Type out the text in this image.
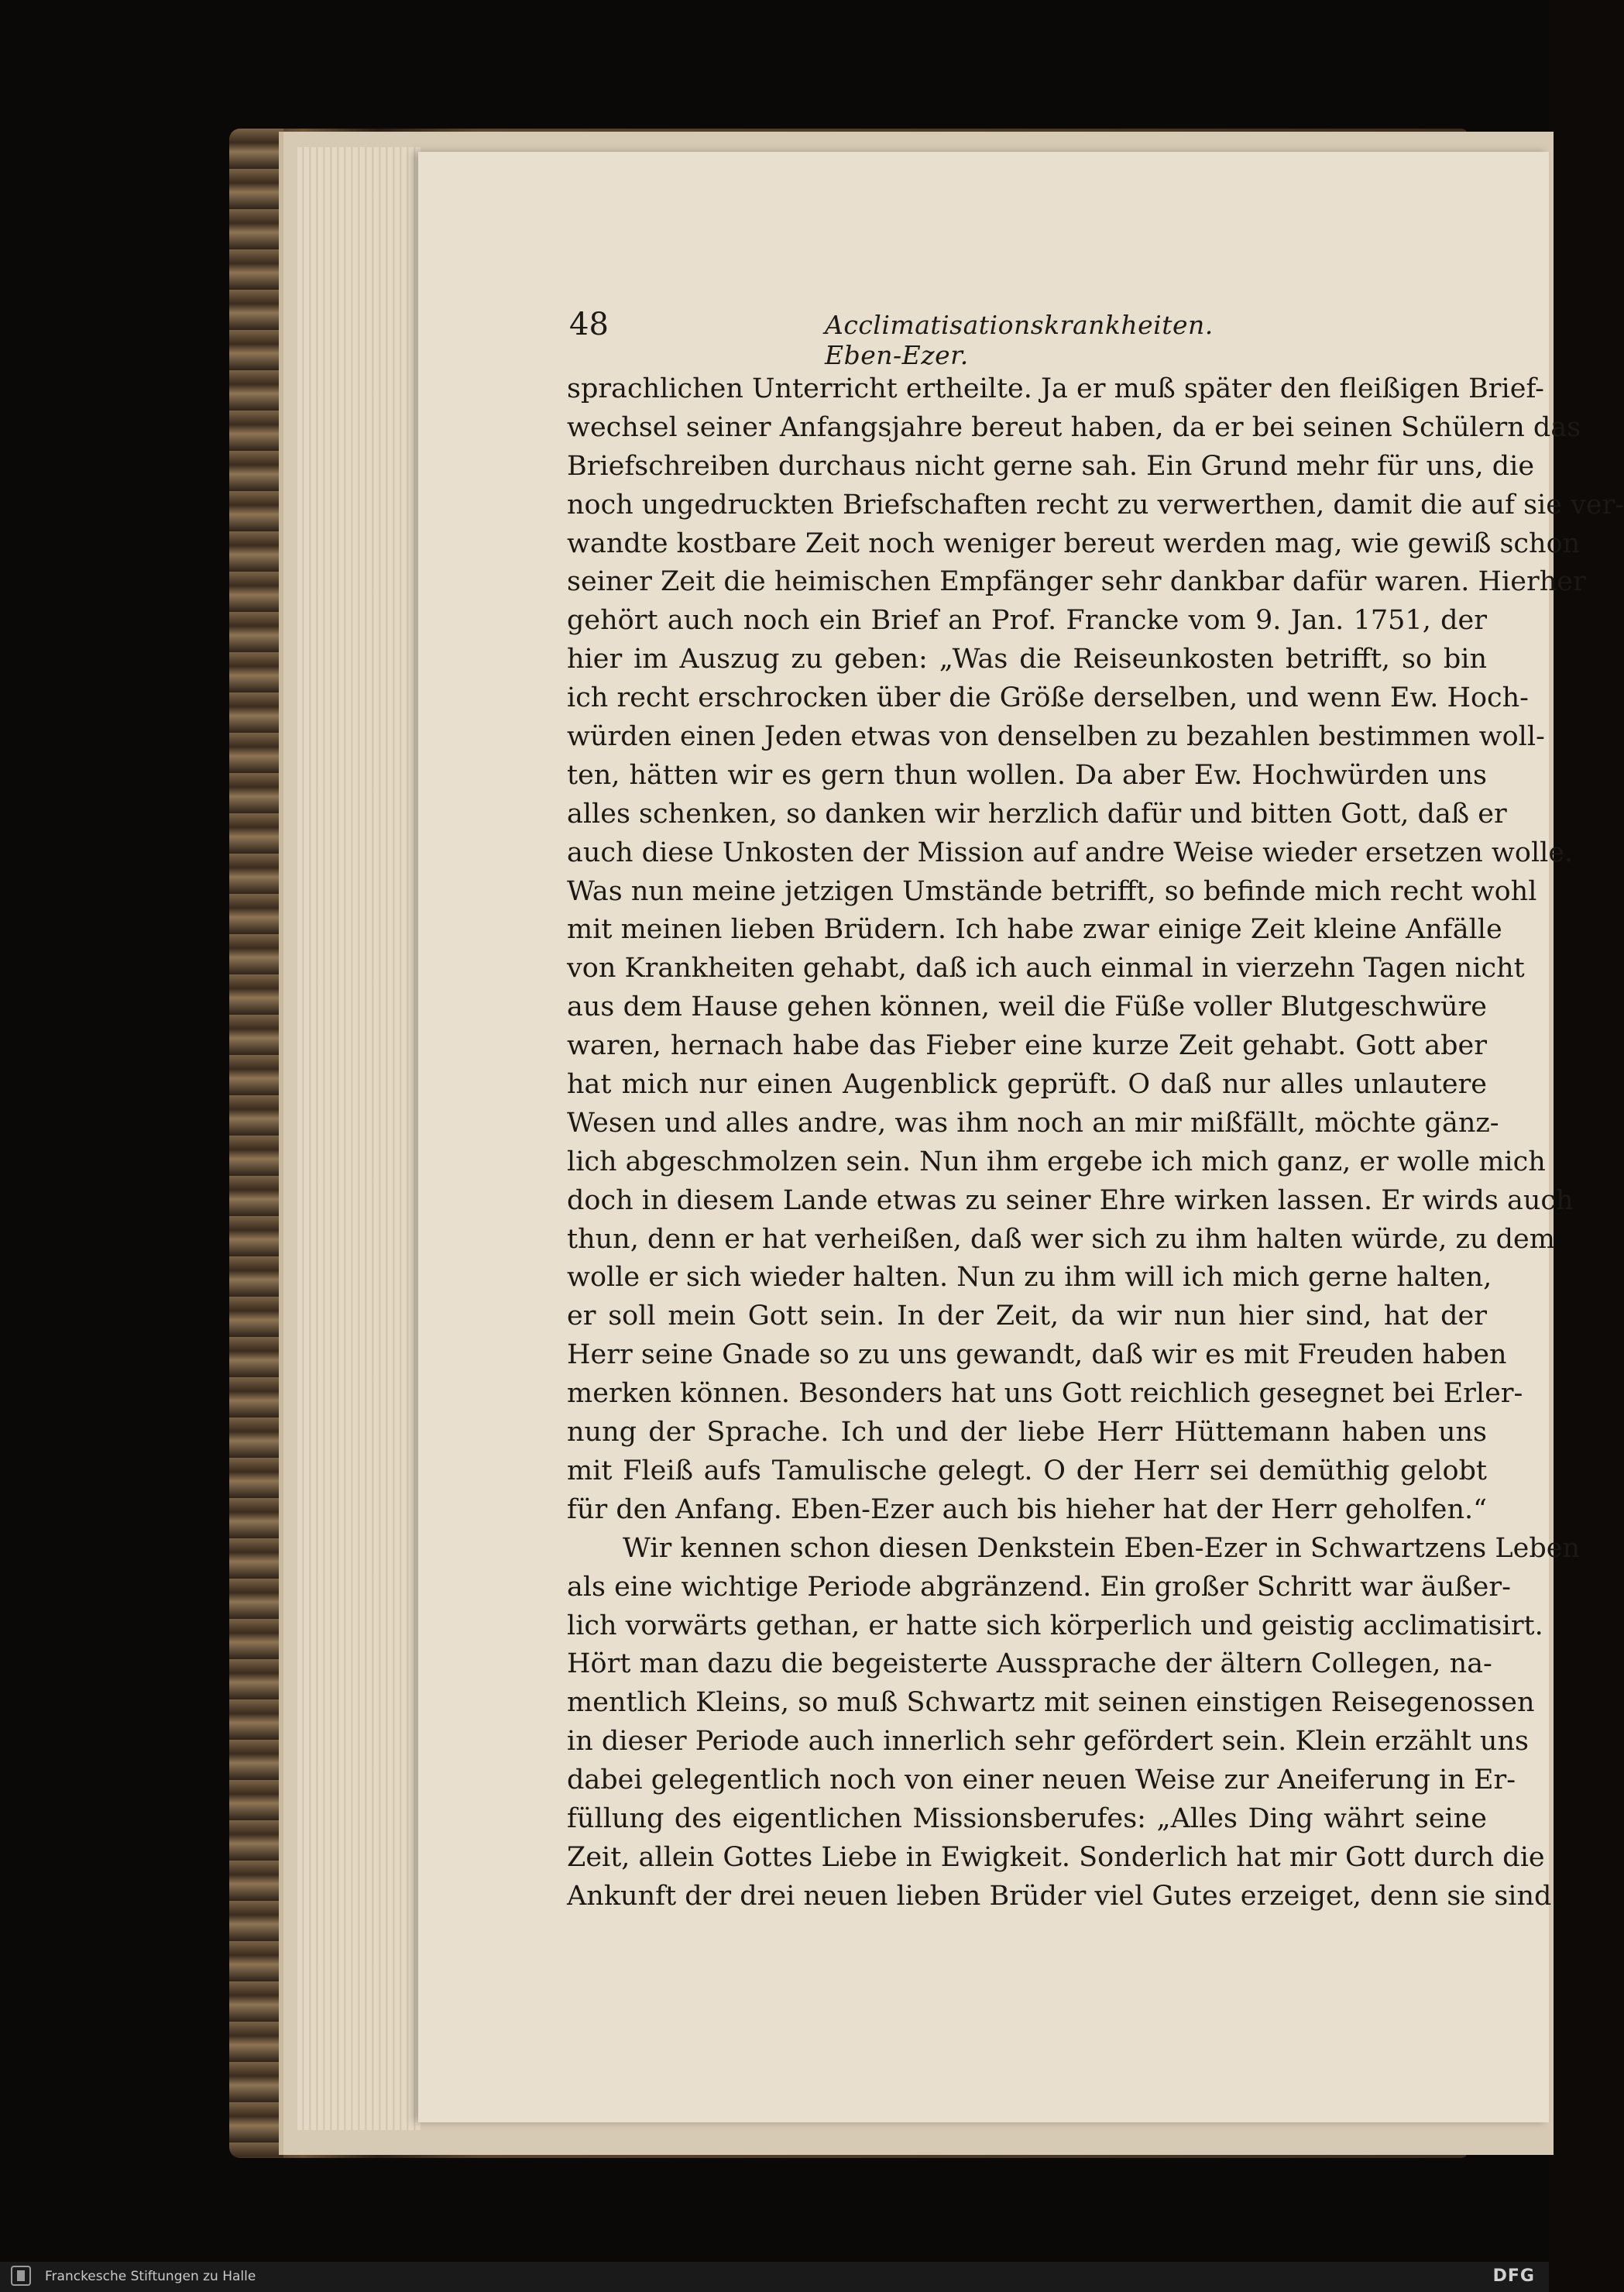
48	Acclimatisationskrankheiten. Eben-Ezer.
sprachlichen Unterricht ertheilte. Ja er muß später den fleißigen Brief-
wechsel seiner Anfangsjahre bereut haben, da er bei seinen Schülern das
Briefschreiben durchaus nicht gerne sah. Ein Grund mehr für uns, die
noch ungedruckten Briefschaften recht zu verwerthen, damit die auf sie ver-
wandte kostbare Zeit noch weniger bereut werden mag, wie gewiß schon
seiner Zeit die heimischen Empfänger sehr dankbar dafür waren. Hierher
gehört auch noch ein Brief an Prof. Francke vom 9. Jan. 1751, der
hier im Auszug zu geben: „Was die Reiseunkosten betrifft, so bin
ich recht erschrocken über die Größe derselben, und wenn Ew. Hoch-
würden einen Jeden etwas von denselben zu bezahlen bestimmen woll-
ten, hätten wir es gern thun wollen. Da aber Ew. Hochwürden uns
alles schenken, so danken wir herzlich dafür und bitten Gott, daß er
auch diese Unkosten der Mission auf andre Weise wieder ersetzen wolle.
Was nun meine jetzigen Umstände betrifft, so befinde mich recht wohl
mit meinen lieben Brüdern. Ich habe zwar einige Zeit kleine Anfälle
von Krankheiten gehabt, daß ich auch einmal in vierzehn Tagen nicht
aus dem Hause gehen können, weil die Füße voller Blutgeschwüre
waren, hernach habe das Fieber eine kurze Zeit gehabt. Gott aber
hat mich nur einen Augenblick geprüft. O daß nur alles unlautere
Wesen und alles andre, was ihm noch an mir mißfällt, möchte gänz-
lich abgeschmolzen sein. Nun ihm ergebe ich mich ganz, er wolle mich
doch in diesem Lande etwas zu seiner Ehre wirken lassen. Er wirds auch
thun, denn er hat verheißen, daß wer sich zu ihm halten würde, zu dem
wolle er sich wieder halten. Nun zu ihm will ich mich gerne halten,
er soll mein Gott sein. In der Zeit, da wir nun hier sind, hat der
Herr seine Gnade so zu uns gewandt, daß wir es mit Freuden haben
merken können. Besonders hat uns Gott reichlich gesegnet bei Erler-
nung der Sprache. Ich und der liebe Herr Hüttemann haben uns
mit Fleiß aufs Tamulische gelegt. O der Herr sei demüthig gelobt
für den Anfang. Eben-Ezer auch bis hieher hat der Herr geholfen.“
Wir kennen schon diesen Denkstein Eben-Ezer in Schwartzens Leben
als eine wichtige Periode abgränzend. Ein großer Schritt war äußer-
lich vorwärts gethan, er hatte sich körperlich und geistig acclimatisirt.
Hört man dazu die begeisterte Aussprache der ältern Collegen, na-
mentlich Kleins, so muß Schwartz mit seinen einstigen Reisegenossen
in dieser Periode auch innerlich sehr gefördert sein. Klein erzählt uns
dabei gelegentlich noch von einer neuen Weise zur Aneiferung in Er-
füllung des eigentlichen Missionsberufes: „Alles Ding währt seine
Zeit, allein Gottes Liebe in Ewigkeit. Sonderlich hat mir Gott durch die
Ankunft der drei neuen lieben Brüder viel Gutes erzeiget, denn sie sind
Franckesche Stiftungen zu Halle	DFG
